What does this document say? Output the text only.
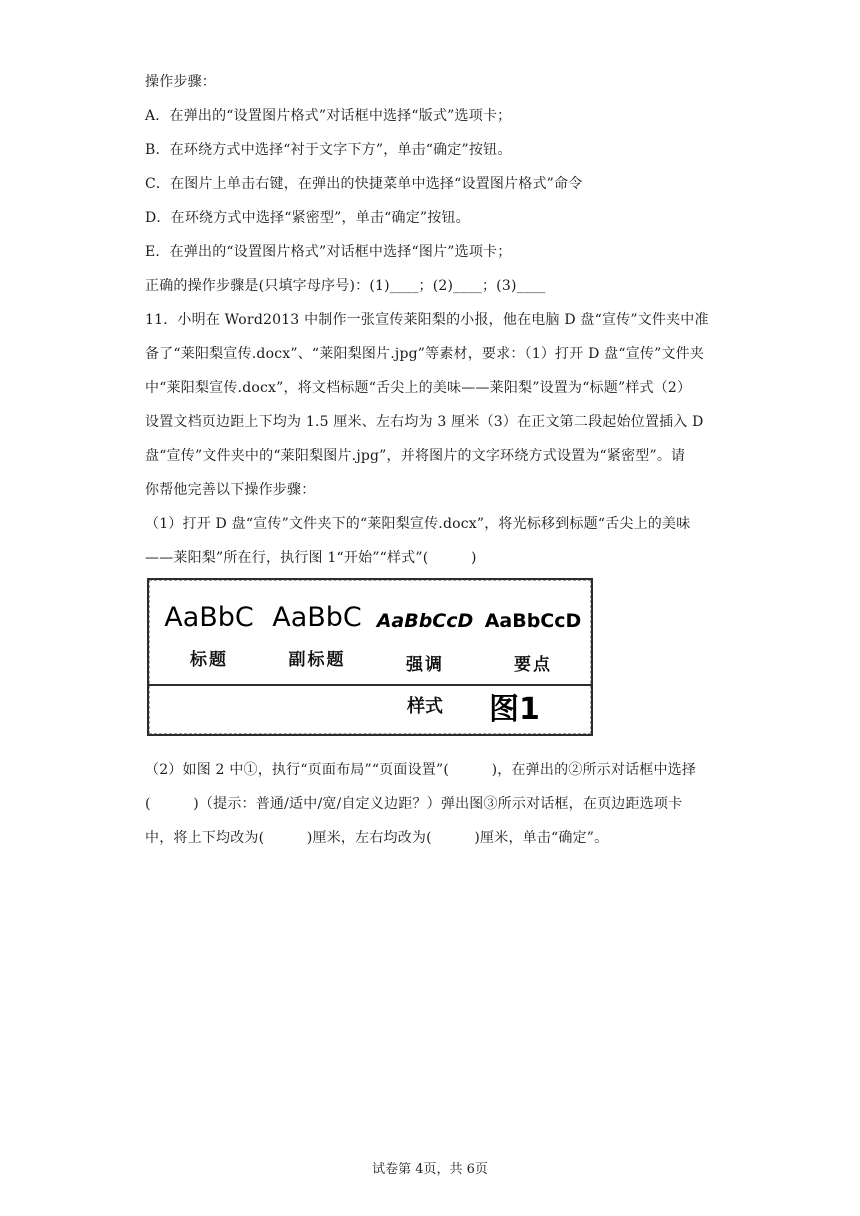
操作步骤：
A．在弹出的“设置图片格式”对话框中选择“版式”选项卡；
B．在环绕方式中选择“衬于文字下方”，单击“确定”按钮。
C．在图片上单击右键，在弹出的快捷菜单中选择“设置图片格式”命令
D．在环绕方式中选择“紧密型”，单击“确定”按钮。
E．在弹出的“设置图片格式”对话框中选择“图片”选项卡；
正确的操作步骤是(只填字母序号)：(1)____；(2)____；(3)____
11．小明在 Word2013 中制作一张宣传莱阳梨的小报，他在电脑 D 盘“宣传”文件夹中准
备了“莱阳梨宣传.docx”、“莱阳梨图片.jpg”等素材，要求：（1）打开 D 盘“宣传”文件夹
中“莱阳梨宣传.docx”，将文档标题“舌尖上的美味——莱阳梨”设置为“标题”样式（2）
设置文档页边距上下均为 1.5 厘米、左右均为 3 厘米（3）在正文第二段起始位置插入 D
盘“宣传”文件夹中的“莱阳梨图片.jpg”，并将图片的文字环绕方式设置为“紧密型”。请
你帮他完善以下操作步骤：
（1）打开 D 盘“宣传”文件夹下的“莱阳梨宣传.docx”，将光标移到标题“舌尖上的美味
——莱阳梨”所在行，执行图 1“开始”“样式”(　　　)
AaBbC
标题
AaBbC
副标题
AaBbCcD
强调
AaBbCcD
要点
样式 图1
（2）如图 2 中①，执行“页面布局”“页面设置”(　　　)，在弹出的②所示对话框中选择
(　　　)（提示：普通/适中/宽/自定义边距？）弹出图③所示对话框，在页边距选项卡
中，将上下均改为(　　　)厘米，左右均改为(　　　)厘米，单击“确定”。
试卷第 4页，共 6页
